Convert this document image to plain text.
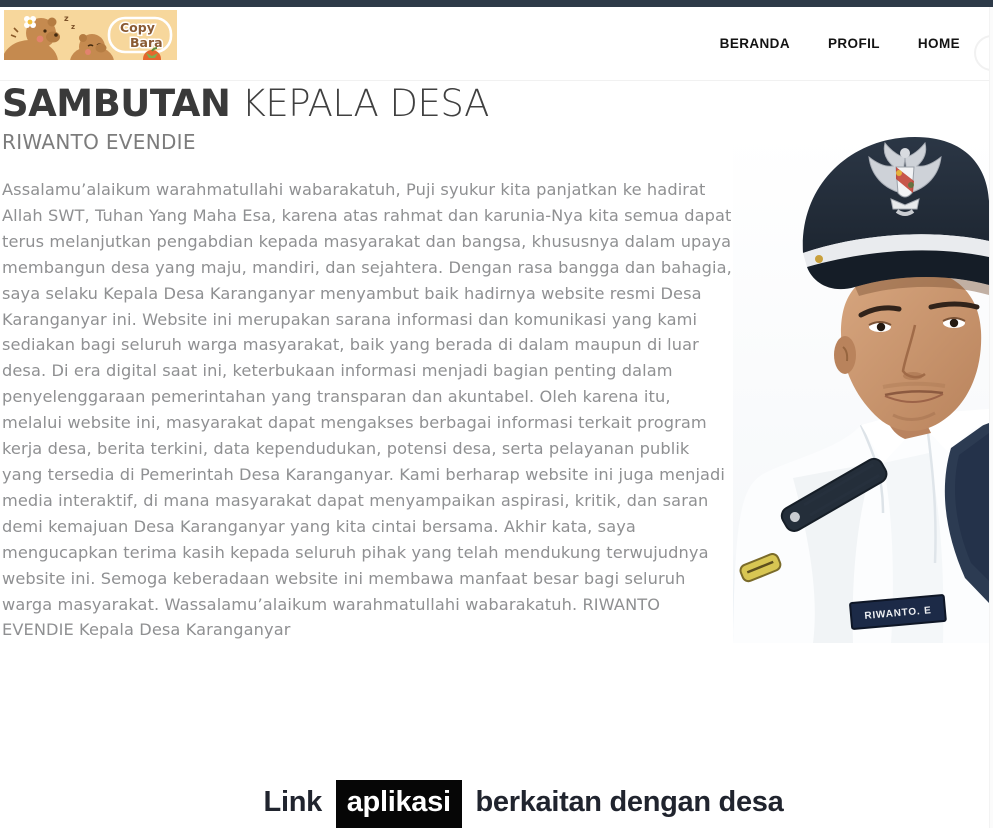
z
z	Copy
Bara	BERANDA	PROFIL	HOME
SAMBUTAN KEPALA DESA
RIWANTO EVENDIE
Assalamu’alaikum warahmatullahi wabarakatuh, Puji syukur kita panjatkan ke hadirat Allah SWT, Tuhan Yang Maha Esa, karena atas rahmat dan karunia-Nya kita semua dapat terus melanjutkan pengabdian kepada masyarakat dan bangsa, khususnya dalam upaya membangun desa yang maju, mandiri, dan sejahtera. Dengan rasa bangga dan bahagia, saya selaku Kepala Desa Karanganyar menyambut baik hadirnya website resmi Desa Karanganyar ini. Website ini merupakan sarana informasi dan komunikasi yang kami sediakan bagi seluruh warga masyarakat, baik yang berada di dalam maupun di luar desa. Di era digital saat ini, keterbukaan informasi menjadi bagian penting dalam penyelenggaraan pemerintahan yang transparan dan akuntabel. Oleh karena itu, melalui website ini, masyarakat dapat mengakses berbagai informasi terkait program kerja desa, berita terkini, data kependudukan, potensi desa, serta pelayanan publik yang tersedia di Pemerintah Desa Karanganyar. Kami berharap website ini juga menjadi media interaktif, di mana masyarakat dapat menyampaikan aspirasi, kritik, dan saran demi kemajuan Desa Karanganyar yang kita cintai bersama. Akhir kata, saya mengucapkan terima kasih kepada seluruh pihak yang telah mendukung terwujudnya website ini. Semoga keberadaan website ini membawa manfaat besar bagi seluruh warga masyarakat. Wassalamu’alaikum warahmatullahi wabarakatuh. RIWANTO EVENDIE Kepala Desa Karanganyar
RIWANTO. E
Link aplikasi berkaitan dengan desa
